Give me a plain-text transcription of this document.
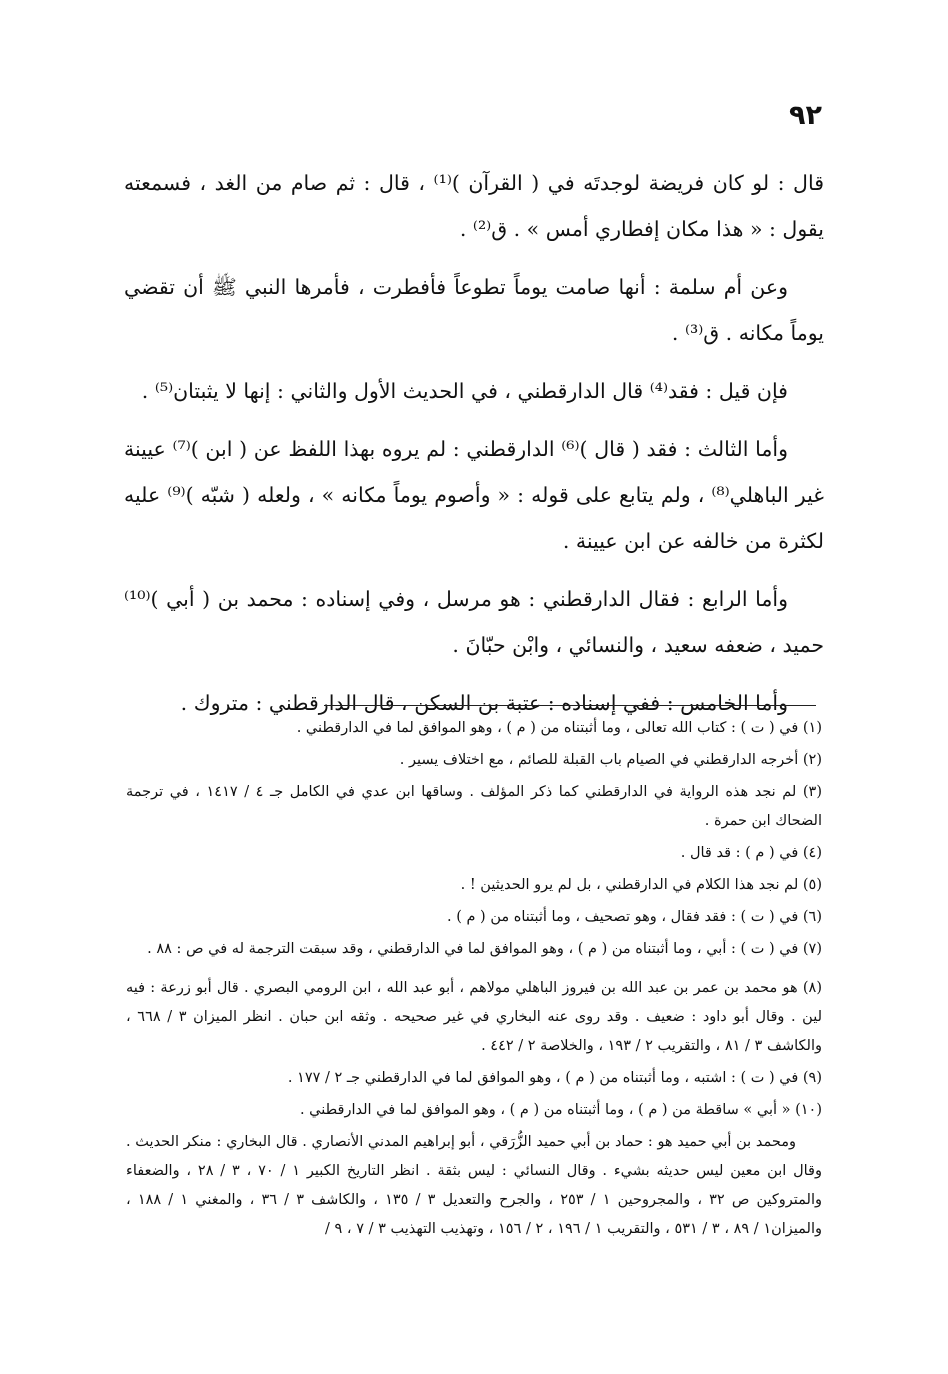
٩٢

قال : لو كان فريضة لوجدتَه في ( القرآن )⁽¹⁾ ، قال : ثم صام من الغد ، فسمعته يقول : « هذا مكان إفطاري أمس » . ق⁽²⁾ .

وعن أم سلمة : أنها صامت يوماً تطوعاً فأفطرت ، فأمرها النبي ﷺ أن تقضي يوماً مكانه . ق⁽³⁾ .

فإن قيل : فقد⁽⁴⁾ قال الدارقطني ، في الحديث الأول والثاني : إنها لا يثبتان⁽⁵⁾ .

وأما الثالث : فقد ( قال )⁽⁶⁾ الدارقطني : لم يروه بهذا اللفظ عن ( ابن )⁽⁷⁾ عيينة غير الباهلي⁽⁸⁾ ، ولم يتابع على قوله : « وأصوم يوماً مكانه » ، ولعله ( شبّه )⁽⁹⁾ عليه لكثرة من خالفه عن ابن عيينة .

وأما الرابع : فقال الدارقطني : هو مرسل ، وفي إسناده : محمد بن ( أبي )⁽¹⁰⁾ حميد ، ضعفه سعيد ، والنسائي ، وابْن حبّانَ .

وأما الخامس : ففي إسناده : عتبة بن السكن ، قال الدارقطني : متروك .

(١) في ( ت ) : كتاب الله تعالى ، وما أثبتناه من ( م ) ، وهو الموافق لما في الدارقطني .

(٢) أخرجه الدارقطني في الصيام باب القبلة للصائم ، مع اختلاف يسير .

(٣) لم نجد هذه الرواية في الدارقطني كما ذكر المؤلف . وساقها ابن عدي في الكامل جـ ٤ / ١٤١٧ ، في ترجمة الضحاك ابن حمرة .

(٤) في ( م ) : قد قال .

(٥) لم نجد هذا الكلام في الدارقطني ، بل لم يرو الحديثين ! .

(٦) في ( ت ) : فقد فقال ، وهو تصحيف ، وما أثبتناه من ( م ) .

(٧) في ( ت ) : أبي ، وما أثبتناه من ( م ) ، وهو الموافق لما في الدارقطني ، وقد سبقت الترجمة له في ص : ٨٨ .

(٨) هو محمد بن عمر بن عبد الله بن فيروز الباهلي مولاهم ، أبو عبد الله ، ابن الرومي البصري . قال أبو زرعة : فيه لين . وقال أبو داود : ضعيف . وقد روى عنه البخاري في غير صحيحه . وثقه ابن حبان . انظر الميزان ٣ / ٦٦٨ ، والكاشف ٣ / ٨١ ، والتقريب ٢ / ١٩٣ ، والخلاصة ٢ / ٤٤٢ .

(٩) في ( ت ) : اشتبه ، وما أثبتناه من ( م ) ، وهو الموافق لما في الدارقطني جـ ٢ / ١٧٧ .

(١٠) « أبي » ساقطة من ( م ) ، وما أثبتناه من ( م ) ، وهو الموافق لما في الدارقطني .

ومحمد بن أبي حميد هو : حماد بن أبي حميد الزُّرَقي ، أبو إبراهيم المدني الأنصاري . قال البخاري : منكر الحديث . وقال ابن معين ليس حديثه بشيء . وقال النسائي : ليس بثقة . انظر التاريخ الكبير ١ / ٧٠ ، ٣ / ٢٨ ، والضعفاء والمتروكين ص ٣٢ ، والمجروحين ١ / ٢٥٣ ، والجرح والتعديل ٣ / ١٣٥ ، والكاشف ٣ / ٣٦ ، والمغني ١ / ١٨٨ ، والميزان١ / ٨٩ ، ٣ / ٥٣١ ، والتقريب ١ / ١٩٦ ، ٢ / ١٥٦ ، وتهذيب التهذيب ٣ / ٧ ، ٩ /
